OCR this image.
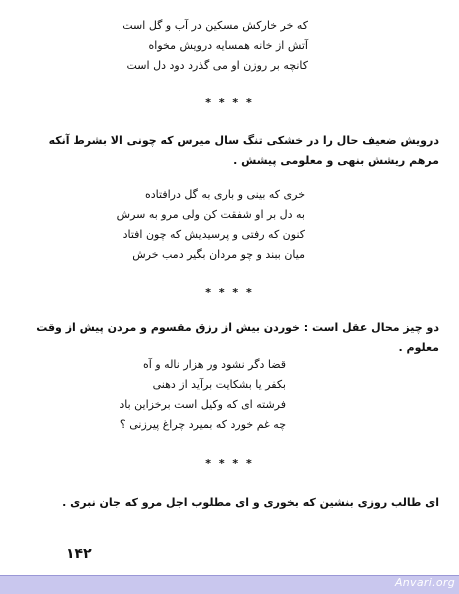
که خر خارکش مسکین در آب و گل است
آتش از خانه همسایه درویش مخواه
کانچه بر روزن او می گذرد دود دل است
* * * *
درویش ضعیف حال را در خشکی تنگ سال میرس که چونی الا بشرط آنکه مرهم ریشش بنهی و معلومی پیشش .
خری که بینی و باری به گل درافتاده
به دل بر او شفقت کن ولی مرو به سرش
کنون که رفتی و پرسیدیش که چون افتاد
میان ببند و چو مردان بگیر دمب خرش
* * * *
دو چیز محال عقل است : خوردن بیش از رزق مقسوم و مردن پیش از وقت معلوم .
قضا دگر نشود ور هزار ناله و آه
بکفر یا بشکایت برآید از دهنی
فرشته ای که وکیل است برخزاین باد
چه غم خورد که بمیرد چراغ پیرزنی ؟
* * * *
ای طالب روزی بنشین که بخوری و ای مطلوب اجل مرو که جان نبری .
۱۴۲
Anvari.org
